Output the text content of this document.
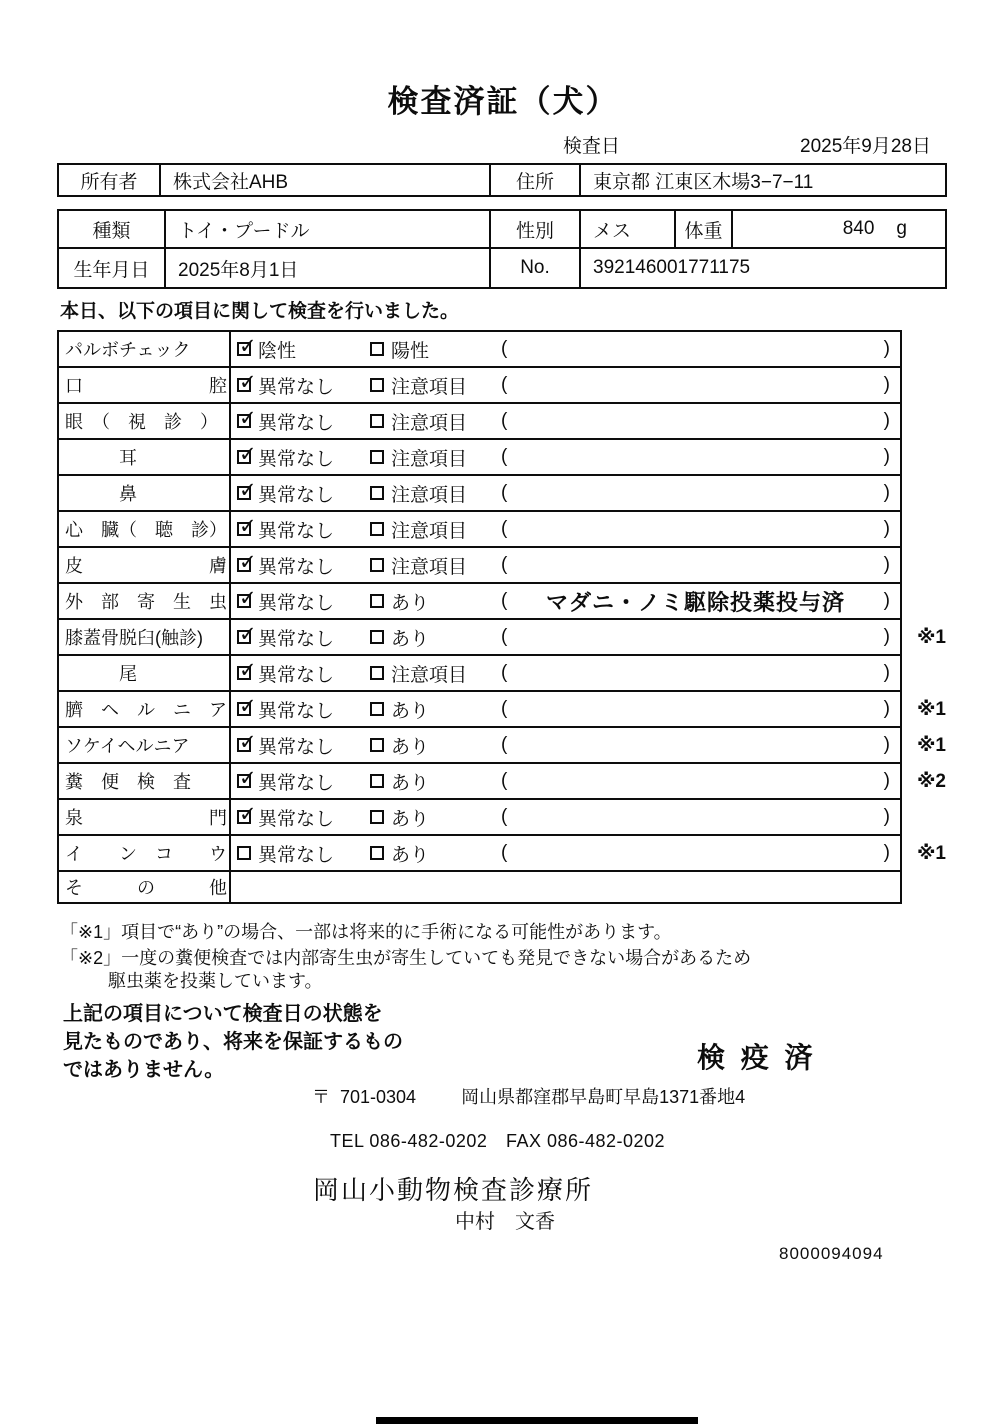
検査済証（犬）
検査日	2025年9月28日
所有者	株式会社AHB	住所	東京都 江東区木場3−7−11
種類	トイ・プードル	性別	メス	体重	840 g
生年月日	2025年8月1日	No.	392146001771175
本日、以下の項目に関して検査を行いました。
パルボチェック ✓	陰性	陽性	(	)
口　　　　　　　腔 ✓ 異常なし	注意項目 (	)
眼　（　視　診　） ✓	異常なし	注意項目 (	)
　　　耳 ✓	異常なし	注意項目 (	)
　　　鼻 ✓	異常なし	注意項目 (	)
心　臓（　聴　診） ✓ 異常なし	注意項目 (	)
皮　　　　　　　膚 ✓ 異常なし	注意項目 (	)
外　部　寄　生　虫 ✓ 異常なし	あり	(	マダニ・ノミ駆除投薬投与済	)
膝蓋骨脱臼(触診) ✓	異常なし	あり	(	) ※1
　　　尾 ✓	異常なし	注意項目 (	)
臍　ヘ　ル　ニ　ア ✓ 異常なし	あり	(	) ※1
ソケイヘルニア ✓	異常なし	あり	(	) ※1
糞　便　検　査 ✓	異常なし	あり	(	) ※2
泉　　　　　　　門 ✓ 異常なし	あり	(	)
イ　　ン　コ　　ウ 異常なし	あり	(	) ※1
そ　　　の　　　他
「※1」項目で“あり”の場合、一部は将来的に手術になる可能性があります。
「※2」一度の糞便検査では内部寄生虫が寄生していても発見できない場合があるため
駆虫薬を投薬しています。
上記の項目について検査日の状態を
見たものであり、将来を保証するもの
ではありません。	検 疫 済
〒 701-0304	岡山県都窪郡早島町早島1371番地4
TEL 086-482-0202　FAX 086-482-0202
岡山小動物検査診療所
中村　文香
8000094094
